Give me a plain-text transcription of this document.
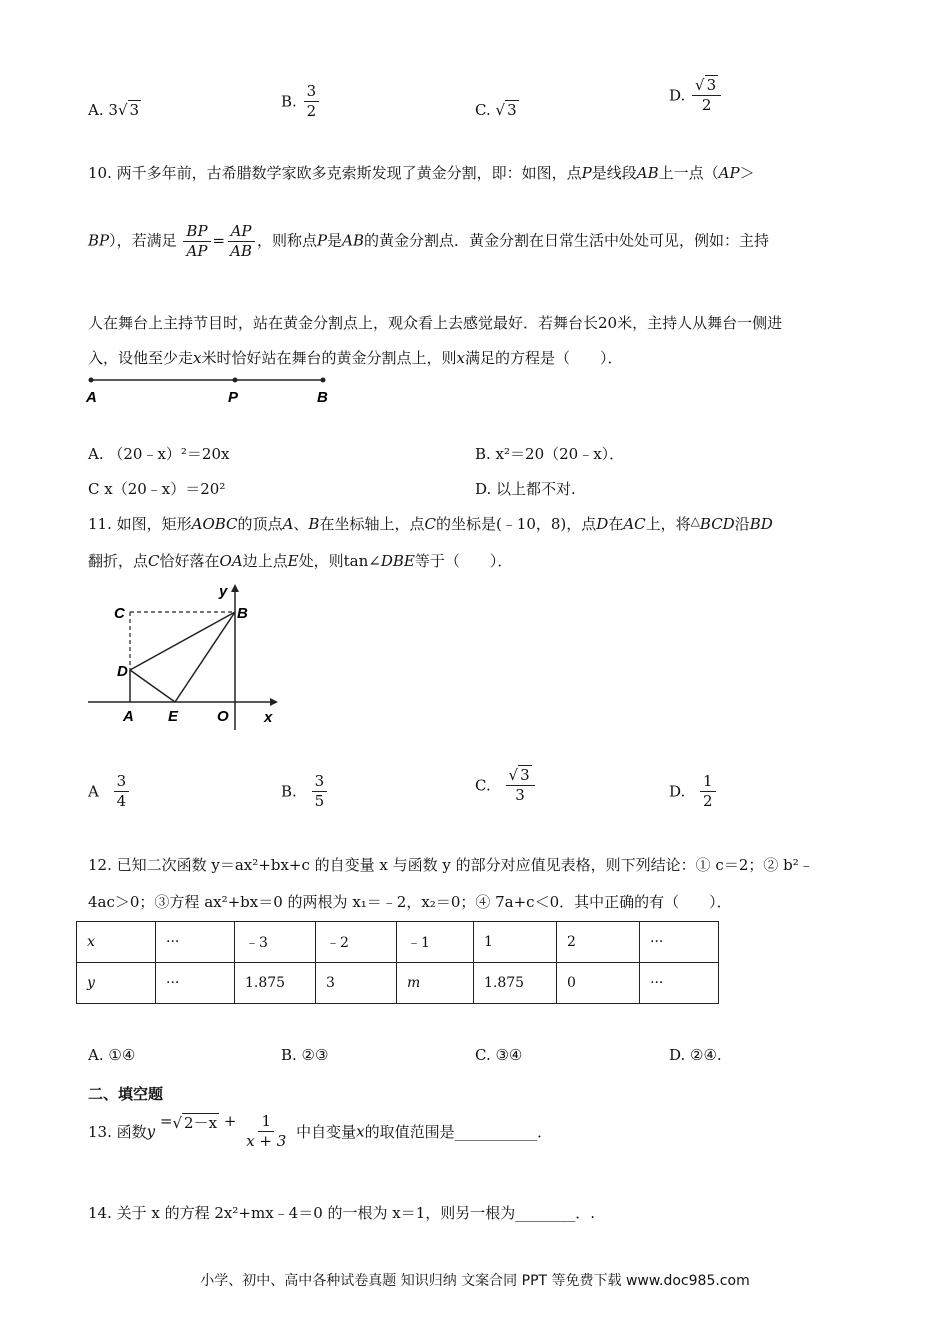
A. 3√ 3	B. $\frac{3}{2}$	C. √ 3
D. $\frac{√ 3}{2}$
10. 两千多年前，古希腊数学家欧多克索斯发现了黄金分割，即：如图，点P是线段AB上一点（AP＞
BP），若满足 $\frac{BP}{AP} = \frac{AP}{AB}$ ，则称点P是AB的黄金分割点．黄金分割在日常生活中处处可见，例如：主持
人在舞台上主持节目时，站在黄金分割点上，观众看上去感觉最好．若舞台长20米，主持人从舞台一侧进
入，设他至少走x米时恰好站在舞台的黄金分割点上，则x满足的方程是（　　）．
A	P	B
A. （20﹣x）²＝20x	B. x²＝20（20﹣x）．
C x（20﹣x）＝20²	D. 以上都不对.
11. 如图，矩形AOBC的顶点A、B在坐标轴上，点C的坐标是(﹣10，8)，点D在AC上，将△BCD沿BD
翻折，点C恰好落在OA边上点E处，则tan∠DBE等于（　　）．
y
x
C	B
D
A E	O
A $\frac{3}{4}$	B. $\frac{3}{5}$	C. $\frac{√ 3}{3}$	D. $\frac{1}{2}$
12. 已知二次函数 y＝ax²+bx+c 的自变量 x 与函数 y 的部分对应值见表格，则下列结论：① c＝2；② b²﹣
4ac＞0；③方程 ax²+bx＝0 的两根为 x₁＝﹣2，x₂＝0；④ 7a+c＜0．其中正确的有（　　）．
x	···	﹣3	﹣2	﹣1	1	2	···
y	···	1.875	3	m	1.875	0	···
A. ①④	B. ②③	C. ③④	D. ②④.
二、填空题
13. 函数y =√ $2-x + \frac{1}{x + 3}$ 中自变量x的取值范围是___________．
14. 关于 x 的方程 2x²+mx﹣4＝0 的一根为 x＝1，则另一根为________．.
小学、初中、高中各种试卷真题 知识归纳 文案合同 PPT 等免费下载 www.doc985.com
